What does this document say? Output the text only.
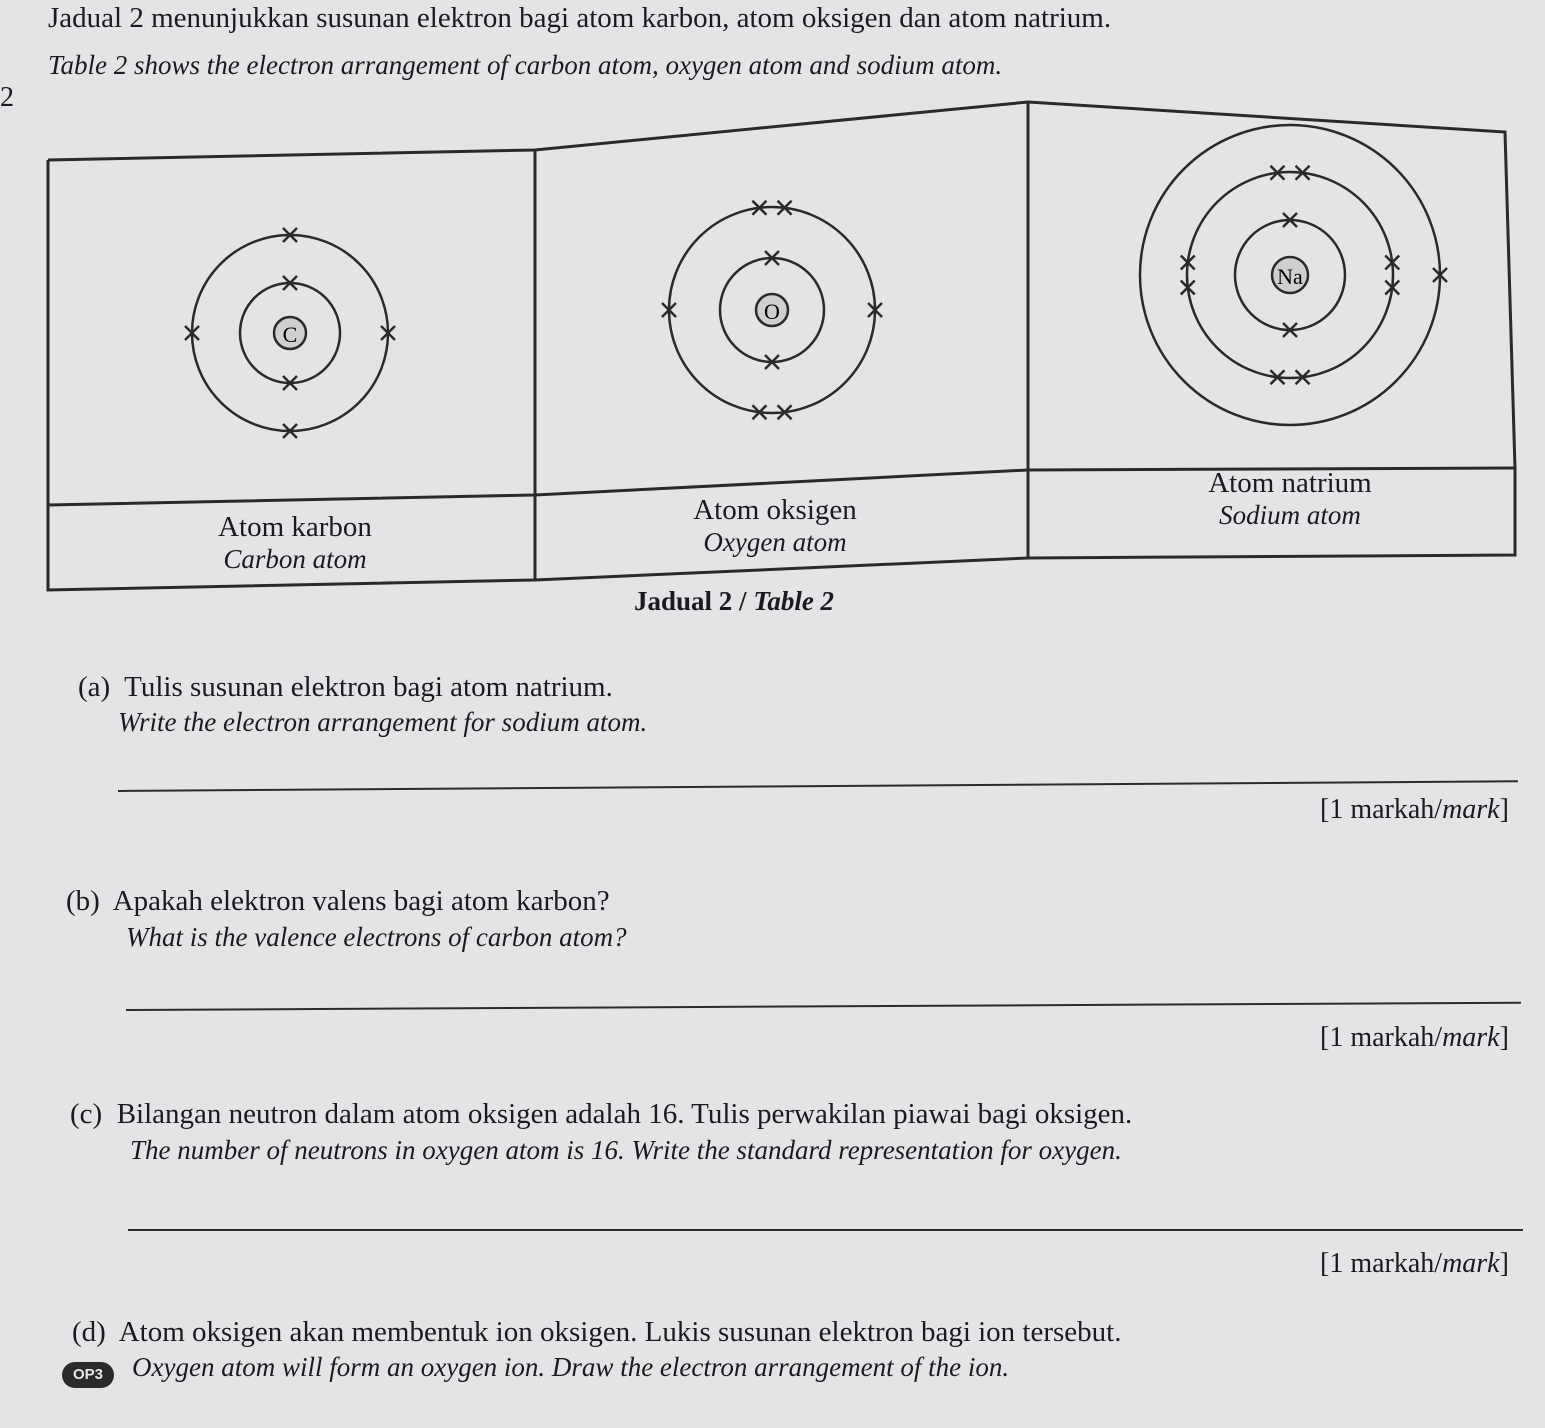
2
Jadual 2 menunjukkan susunan elektron bagi atom karbon, atom oksigen dan atom natrium.
Table 2 shows the electron arrangement of carbon atom, oxygen atom and sodium atom.
C
O
Na
Atom karbon
Carbon atom
Atom oksigen
Oxygen atom
Atom natrium
Sodium atom
Jadual 2 / Table 2
(a) Tulis susunan elektron bagi atom natrium.
Write the electron arrangement for sodium atom.
[1 markah/mark]
(b) Apakah elektron valens bagi atom karbon?
What is the valence electrons of carbon atom?
[1 markah/mark]
(c) Bilangan neutron dalam atom oksigen adalah 16. Tulis perwakilan piawai bagi oksigen.
The number of neutrons in oxygen atom is 16. Write the standard representation for oxygen.
[1 markah/mark]
(d) Atom oksigen akan membentuk ion oksigen. Lukis susunan elektron bagi ion tersebut.
OP3	Oxygen atom will form an oxygen ion. Draw the electron arrangement of the ion.
